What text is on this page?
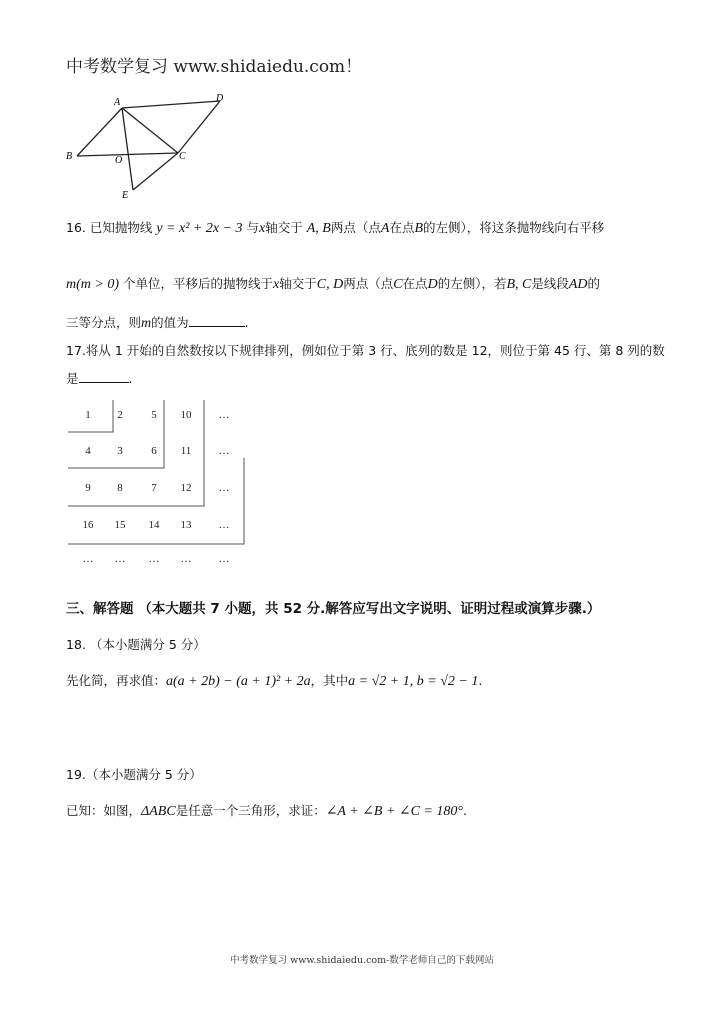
中考数学复习 www.shidaiedu.com！
A	D
B	O	C
E
16. 已知抛物线 y = x² + 2x − 3 与x轴交于 A, B两点（点A在点B的左侧），将这条抛物线向右平移
m(m > 0) 个单位，平移后的抛物线于x轴交于C, D两点（点C在点D的左侧），若B, C是线段AD的
三等分点，则m的值为	.
17.将从 1 开始的自然数按以下规律排列，例如位于第 3 行、底列的数是 12，则位于第 45 行、第 8 列的数
是	.
1 2	5 10 …
4 3	6 11 …
9 8	7 12 …
16 15 14 13 …
… … … … …
三、解答题 （本大题共 7 小题，共 52 分.解答应写出文字说明、证明过程或演算步骤.）
18. （本小题满分 5 分）
先化简，再求值：a(a + 2b) − (a + 1)² + 2a，其中a = √2 + 1, b = √2 − 1.
19.（本小题满分 5 分）
已知：如图，ΔABC是任意一个三角形，求证：∠A + ∠B + ∠C = 180°.
中考数学复习 www.shidaiedu.com-数学老师自己的下载网站
